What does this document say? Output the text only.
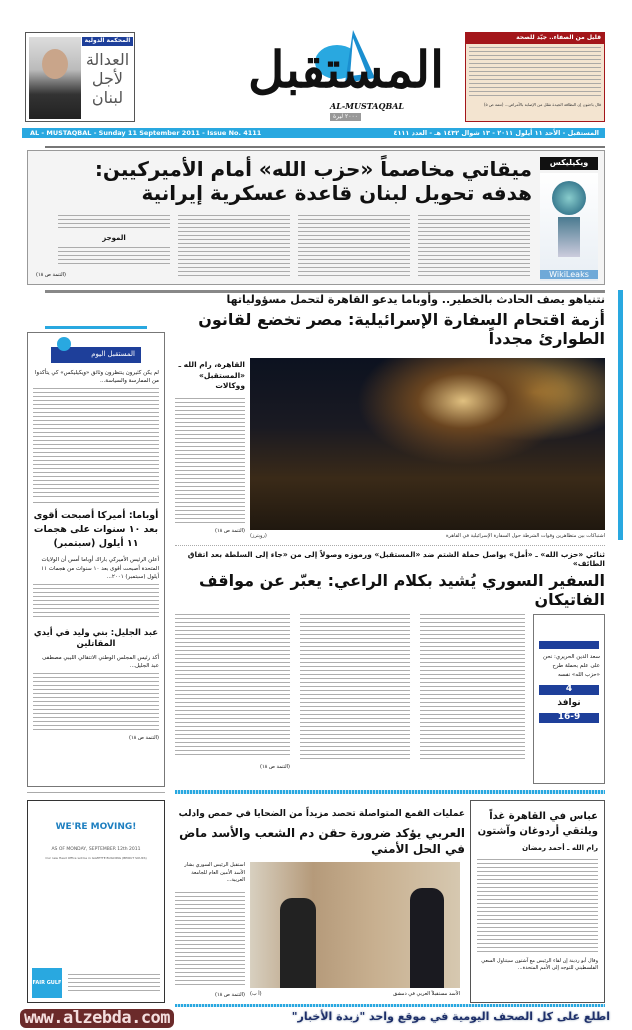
المحكمة الدولية
العدالة
لأجل
لبنان المستقبل
AL-MUSTAQBAL
٢٠٠٠ ليرة
قليل من الصفاء.. جيّد للصحة
قال باحثون إن النظافة الجيدة تقلل من الإصابة بالأمراض... (تتمة ص ٥)
AL - MUSTAQBAL - Sunday 11 September 2011 - Issue No. 4111	المستقبل - الأحد ١١ أيلول ٢٠١١ - ١٣ شوال ١٤٣٢ هـ - العدد ٤١١١
ويكيليكس
WikiLeaks
ميقاتي مخاصماً «حزب الله» أمام الأميركيين:
هدفه تحويل لبنان قاعدة عسكرية إيرانية
الموجز
(التتمة ص ١٨)
المستقبل اليوم
لم يكن كثيرون ينتظرون وثائق «ويكيليكس» كي يتأكدوا من الممارسة والسياسة...
أوباما: أميركا أصبحت أقوى بعد ١٠ سنوات على هجمات ١١ أيلول (سبتمبر)
أعلن الرئيس الأميركي باراك أوباما أمس أن الولايات المتحدة أصبحت أقوى بعد ١٠ سنوات من هجمات ١١ أيلول (سبتمبر) ٢٠٠١...
عبد الجليل: بني وليد في أيدي المقاتلين
أكد رئيس المجلس الوطني الانتقالي الليبي مصطفى عبد الجليل...
(التتمة ص ١٨)
نتنياهو يصف الحادث بالخطير.. وأوباما يدعو القاهرة لتحمل مسؤولياتها
أزمة اقتحام السفارة الإسرائيلية: مصر تخضع لقانون الطوارئ مجدداً
القاهرة، رام الله ـ «المستقبل» ووكالات
(التتمة ص ١٨)
اشتباكات بين متظاهرين وقوات الشرطة حول السفارة الإسرائيلية في القاهرة
(رويترز)
ثنائي «حزب الله» ـ «أمل» يواصل حملة الشتم ضد «المستقبل» ورموزه وصولاً إلى من «جاء إلى السلطة بعد اتفاق الطائف»
السفير السوري يُشيد بكلام الراعي: يعبّر عن مواقف الفاتيكان
(التتمة ص ١٨)
سعد الدين الحريري: نحن على علم بحملة طرح «حزب الله» نفسه
4
نوافذ
16-9
WE'RE MOVING!
AS OF MONDAY, SEPTEMBER 12th 2011
Our new Head Office will be in GAZETTE BUILDING (BEIRUT SOUKS)
FAIR GULF
عمليات القمع المتواصلة تحصد مزيداً من الضحايا في حمص وادلب
العربي يؤكد ضرورة حقن دم الشعب والأسد ماض في الحل الأمني
استقبل الرئيس السوري بشار الأسد الأمين العام للجامعة العربية...
(التتمة ص ١٨)	الأسد مستقبلاً العربي في دمشق
(أ ب)
عباس في القاهرة غداً ويلتقي أردوغان وآشتون
رام الله ـ أحمد رمضان
وقال أبو ردينة إن لقاء الرئيس مع آشتون سيتناول السعي الفلسطيني للتوجه إلى الأمم المتحدة...
www.alzebda.com	اطلع على كل الصحف اليومية في موقع واحد "زبدة الأخبار"
